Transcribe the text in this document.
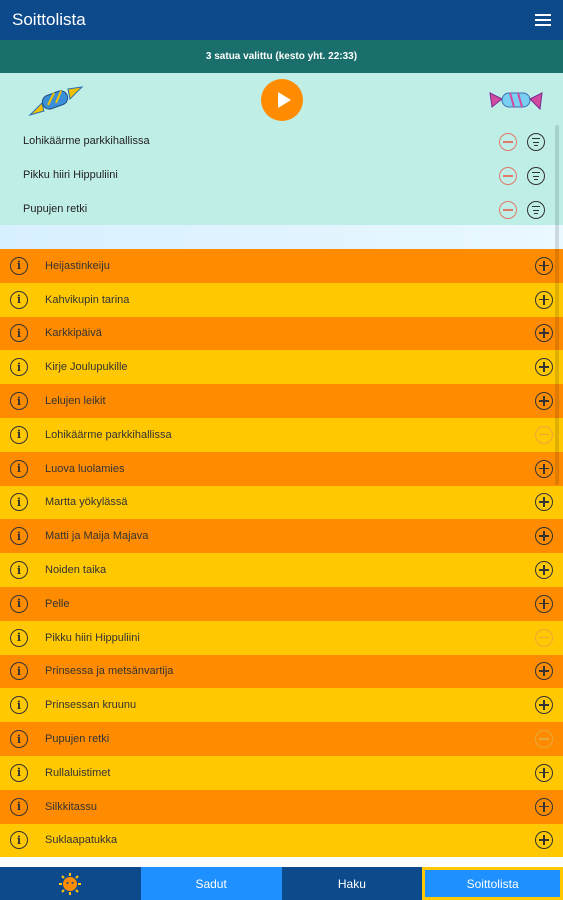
Soittolista
3 satua valittu (kesto yht. 22:33)
Lohikäärme parkkihallissa
Pikku hiiri Hippuliini
Pupujen retki
i	Heijastinkeiju
i	Kahvikupin tarina
i	Karkkipäivä
i	Kirje Joulupukille
i	Lelujen leikit
i	Lohikäärme parkkihallissa
i	Luova luolamies
i	Martta yökylässä
i	Matti ja Maija Majava
i	Noiden taika
i	Pelle
i	Pikku hiiri Hippuliini
i	Prinsessa ja metsänvartija
i	Prinsessan kruunu
i	Pupujen retki
i	Rullaluistimet
i	Silkkitassu
i	Suklaapatukka
Sadut	Haku	Soittolista
